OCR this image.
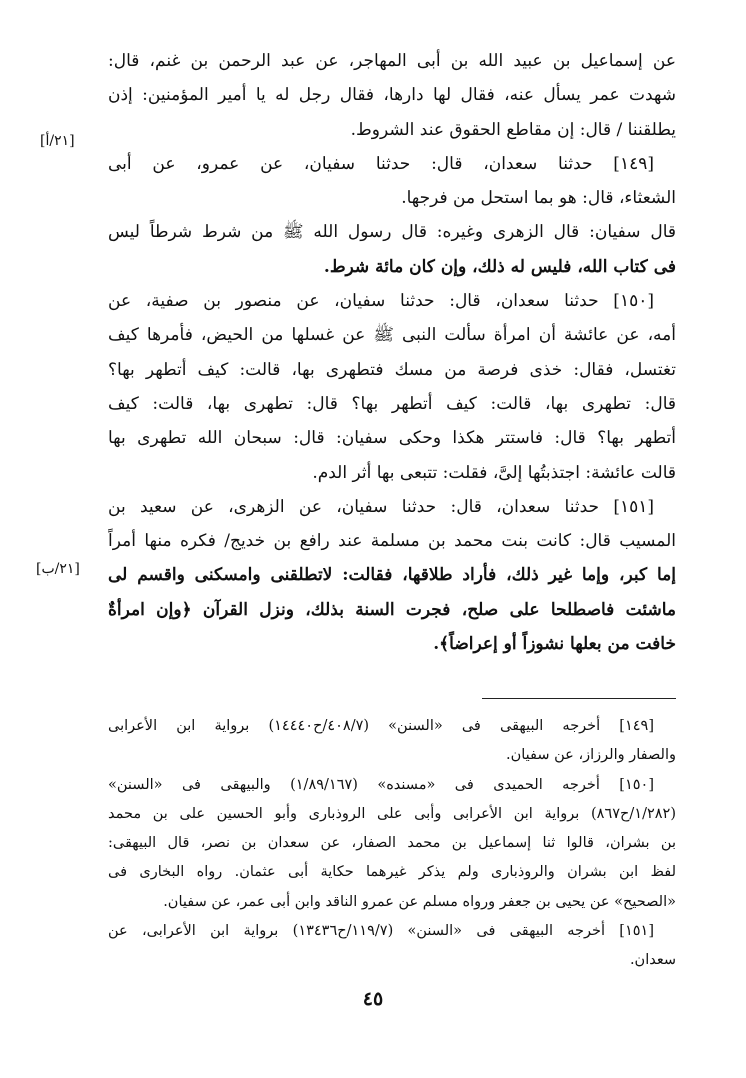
عن إسماعيل بن عبيد الله بن أبى المهاجر، عن عبد الرحمن بن غنم، قال:
شهدت عمر يسأل عنه، فقال لها دارها، فقال رجل له يا أمير المؤمنين: إذن
يطلقننا / قال: إن مقاطع الحقوق عند الشروط.
[١٤٩] حدثنا سعدان، قال: حدثنا سفيان، عن عمرو، عن أبى
الشعثاء، قال: هو بما استحل من فرجها.
قال سفيان: قال الزهرى وغيره: قال رسول الله ﷺ من شرط شرطاً ليس
فى كتاب الله، فليس له ذلك، وإن كان مائة شرط.
[١٥٠] حدثنا سعدان، قال: حدثنا سفيان، عن منصور بن صفية، عن
أمه، عن عائشة أن امرأة سألت النبى ﷺ عن غسلها من الحيض، فأمرها كيف
تغتسل، فقال: خذى فرصة من مسك فتطهرى بها، قالت: كيف أتطهر بها؟
قال: تطهرى بها، قالت: كيف أتطهر بها؟ قال: تطهرى بها، قالت: كيف
أتطهر بها؟ قال: فاستتر هكذا وحكى سفيان: قال: سبحان الله تطهرى بها
قالت عائشة: اجتذبتُها إلىَّ، فقلت: تتبعى بها أثر الدم.
[١٥١] حدثنا سعدان، قال: حدثنا سفيان، عن الزهرى، عن سعيد بن
المسيب قال: كانت بنت محمد بن مسلمة عند رافع بن خديج/ فكره منها أمراً
إما كبر، وإما غير ذلك، فأراد طلاقها، فقالت: لاتطلقنى وامسكنى واقسم لى
ماشئت فاصطلحا على صلح، فجرت السنة بذلك، ونزل القرآن ﴿وإن امرأةٌ
خافت من بعلها نشوزاً أو إعراضاً﴾.
[٢١/أ]
[٢١/ب]
[١٤٩] أخرجه البيهقى فى «السنن» (٤٠٨/٧/ح١٤٤٤٠) برواية ابن الأعرابى
والصفار والرزاز، عن سفيان.
[١٥٠] أخرجه الحميدى فى «مسنده» (١/٨٩/١٦٧) والبيهقى فى «السنن»
(١/٢٨٢/ح٨٦٧) برواية ابن الأعرابى وأبى على الروذبارى وأبو الحسين على بن محمد
بن بشران، قالوا ثنا إسماعيل بن محمد الصفار، عن سعدان بن نصر، قال البيهقى:
لفظ ابن بشران والروذبارى ولم يذكر غيرهما حكاية أبى عثمان. رواه البخارى فى
«الصحيح» عن يحيى بن جعفر ورواه مسلم عن عمرو الناقد وابن أبى عمر، عن سفيان.
[١٥١] أخرجه البيهقى فى «السنن» (١١٩/٧/ح١٣٤٣٦) برواية ابن الأعرابى، عن
سعدان.
٤٥
